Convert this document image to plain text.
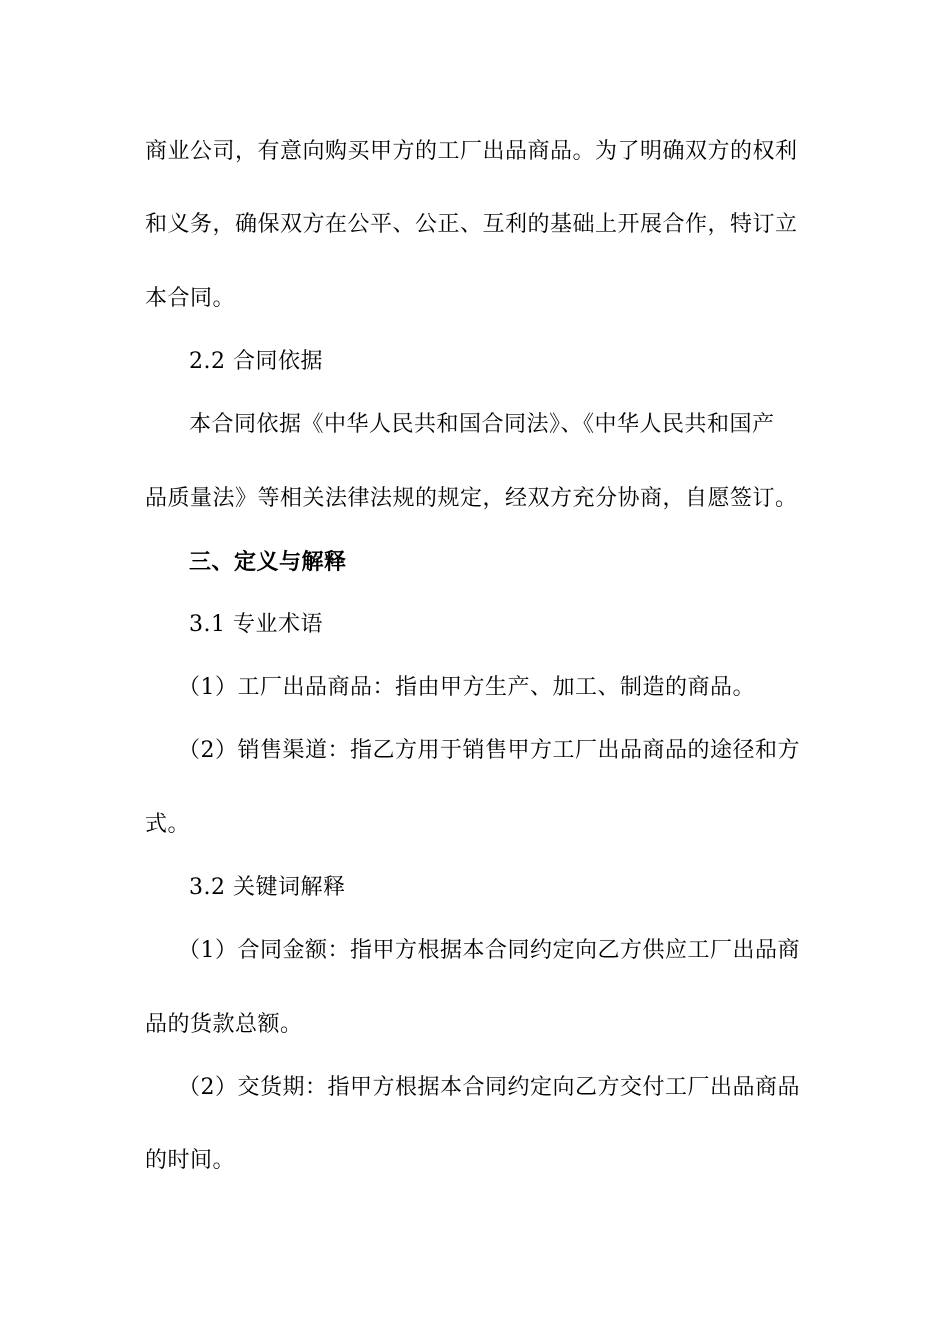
商业公司，有意向购买甲方的工厂出品商品。为了明确双方的权利
和义务，确保双方在公平、公正、互利的基础上开展合作，特订立
本合同。
2.2 合同依据
本合同依据《中华人民共和国合同法》、《中华人民共和国产
品质量法》等相关法律法规的规定，经双方充分协商，自愿签订。
三、定义与解释
3.1 专业术语
（1）工厂出品商品：指由甲方生产、加工、制造的商品。
（2）销售渠道：指乙方用于销售甲方工厂出品商品的途径和方
式。
3.2 关键词解释
（1）合同金额：指甲方根据本合同约定向乙方供应工厂出品商
品的货款总额。
（2）交货期：指甲方根据本合同约定向乙方交付工厂出品商品
的时间。
